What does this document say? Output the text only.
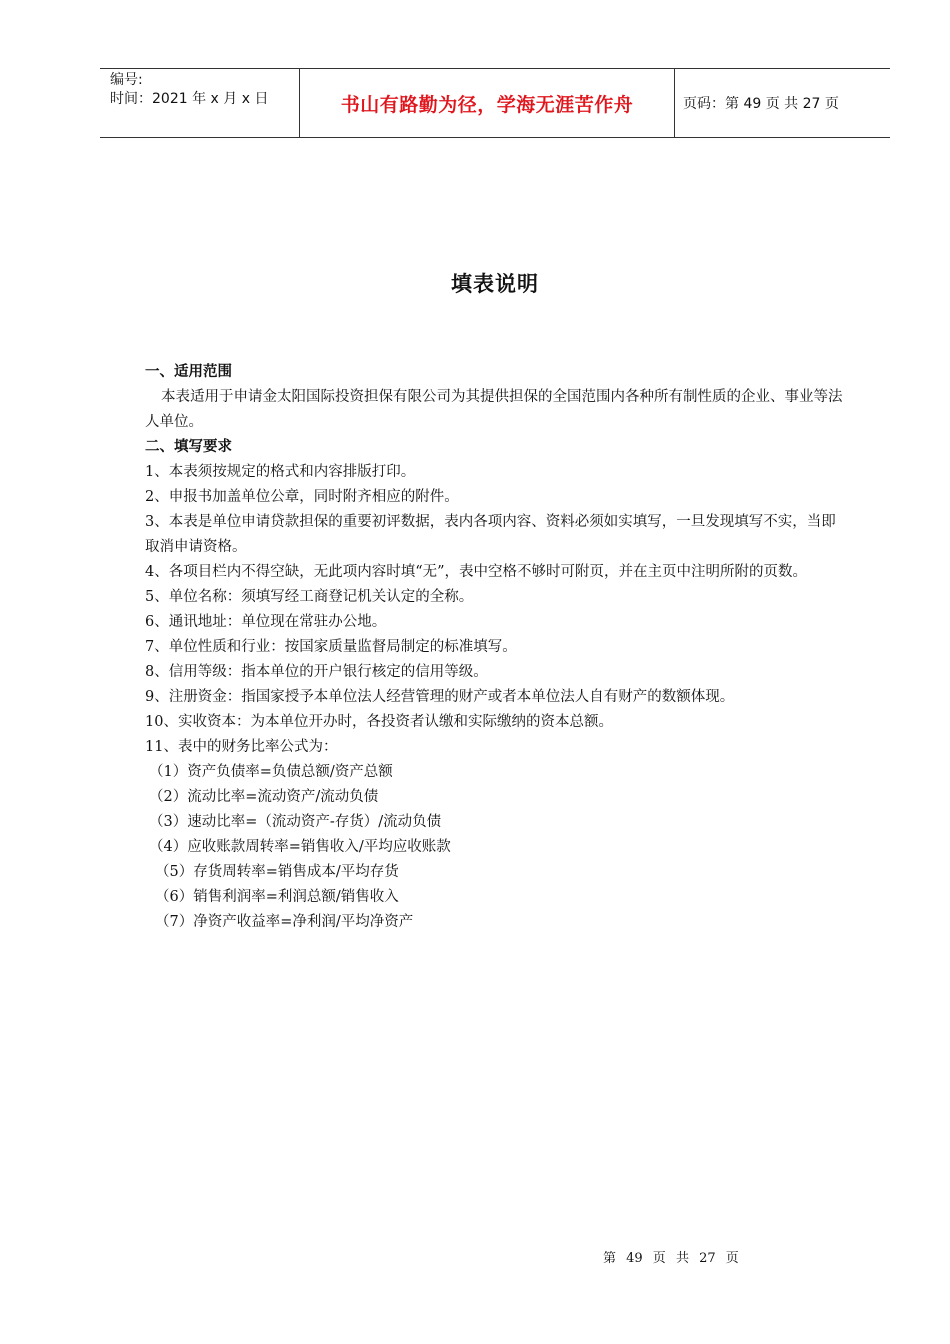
编号:
时间：2021 年 x 月 x 日	书山有路勤为径，学海无涯苦作舟	页码：第 49 页 共 27 页
填表说明

一、适用范围

本表适用于申请金太阳国际投资担保有限公司为其提供担保的全国范围内各种所有制性质的企业、事业等法人单位。

二、填写要求

1、本表须按规定的格式和内容排版打印。

2、申报书加盖单位公章，同时附齐相应的附件。

3、本表是单位申请贷款担保的重要初评数据，表内各项内容、资料必须如实填写，一旦发现填写不实，当即取消申请资格。

4、各项目栏内不得空缺，无此项内容时填“无”，表中空格不够时可附页，并在主页中注明所附的页数。

5、单位名称：须填写经工商登记机关认定的全称。

6、通讯地址：单位现在常驻办公地。

7、单位性质和行业：按国家质量监督局制定的标准填写。

8、信用等级：指本单位的开户银行核定的信用等级。

9、注册资金：指国家授予本单位法人经营管理的财产或者本单位法人自有财产的数额体现。

10、实收资本：为本单位开办时，各投资者认缴和实际缴纳的资本总额。

11、表中的财务比率公式为：

（1）资产负债率=负债总额/资产总额

（2）流动比率=流动资产/流动负债

（3）速动比率=（流动资产-存货）/流动负债

（4）应收账款周转率=销售收入/平均应收账款

（5）存货周转率=销售成本/平均存货

（6）销售利润率=利润总额/销售收入

（7）净资产收益率=净利润/平均净资产

第 49 页 共 27 页
